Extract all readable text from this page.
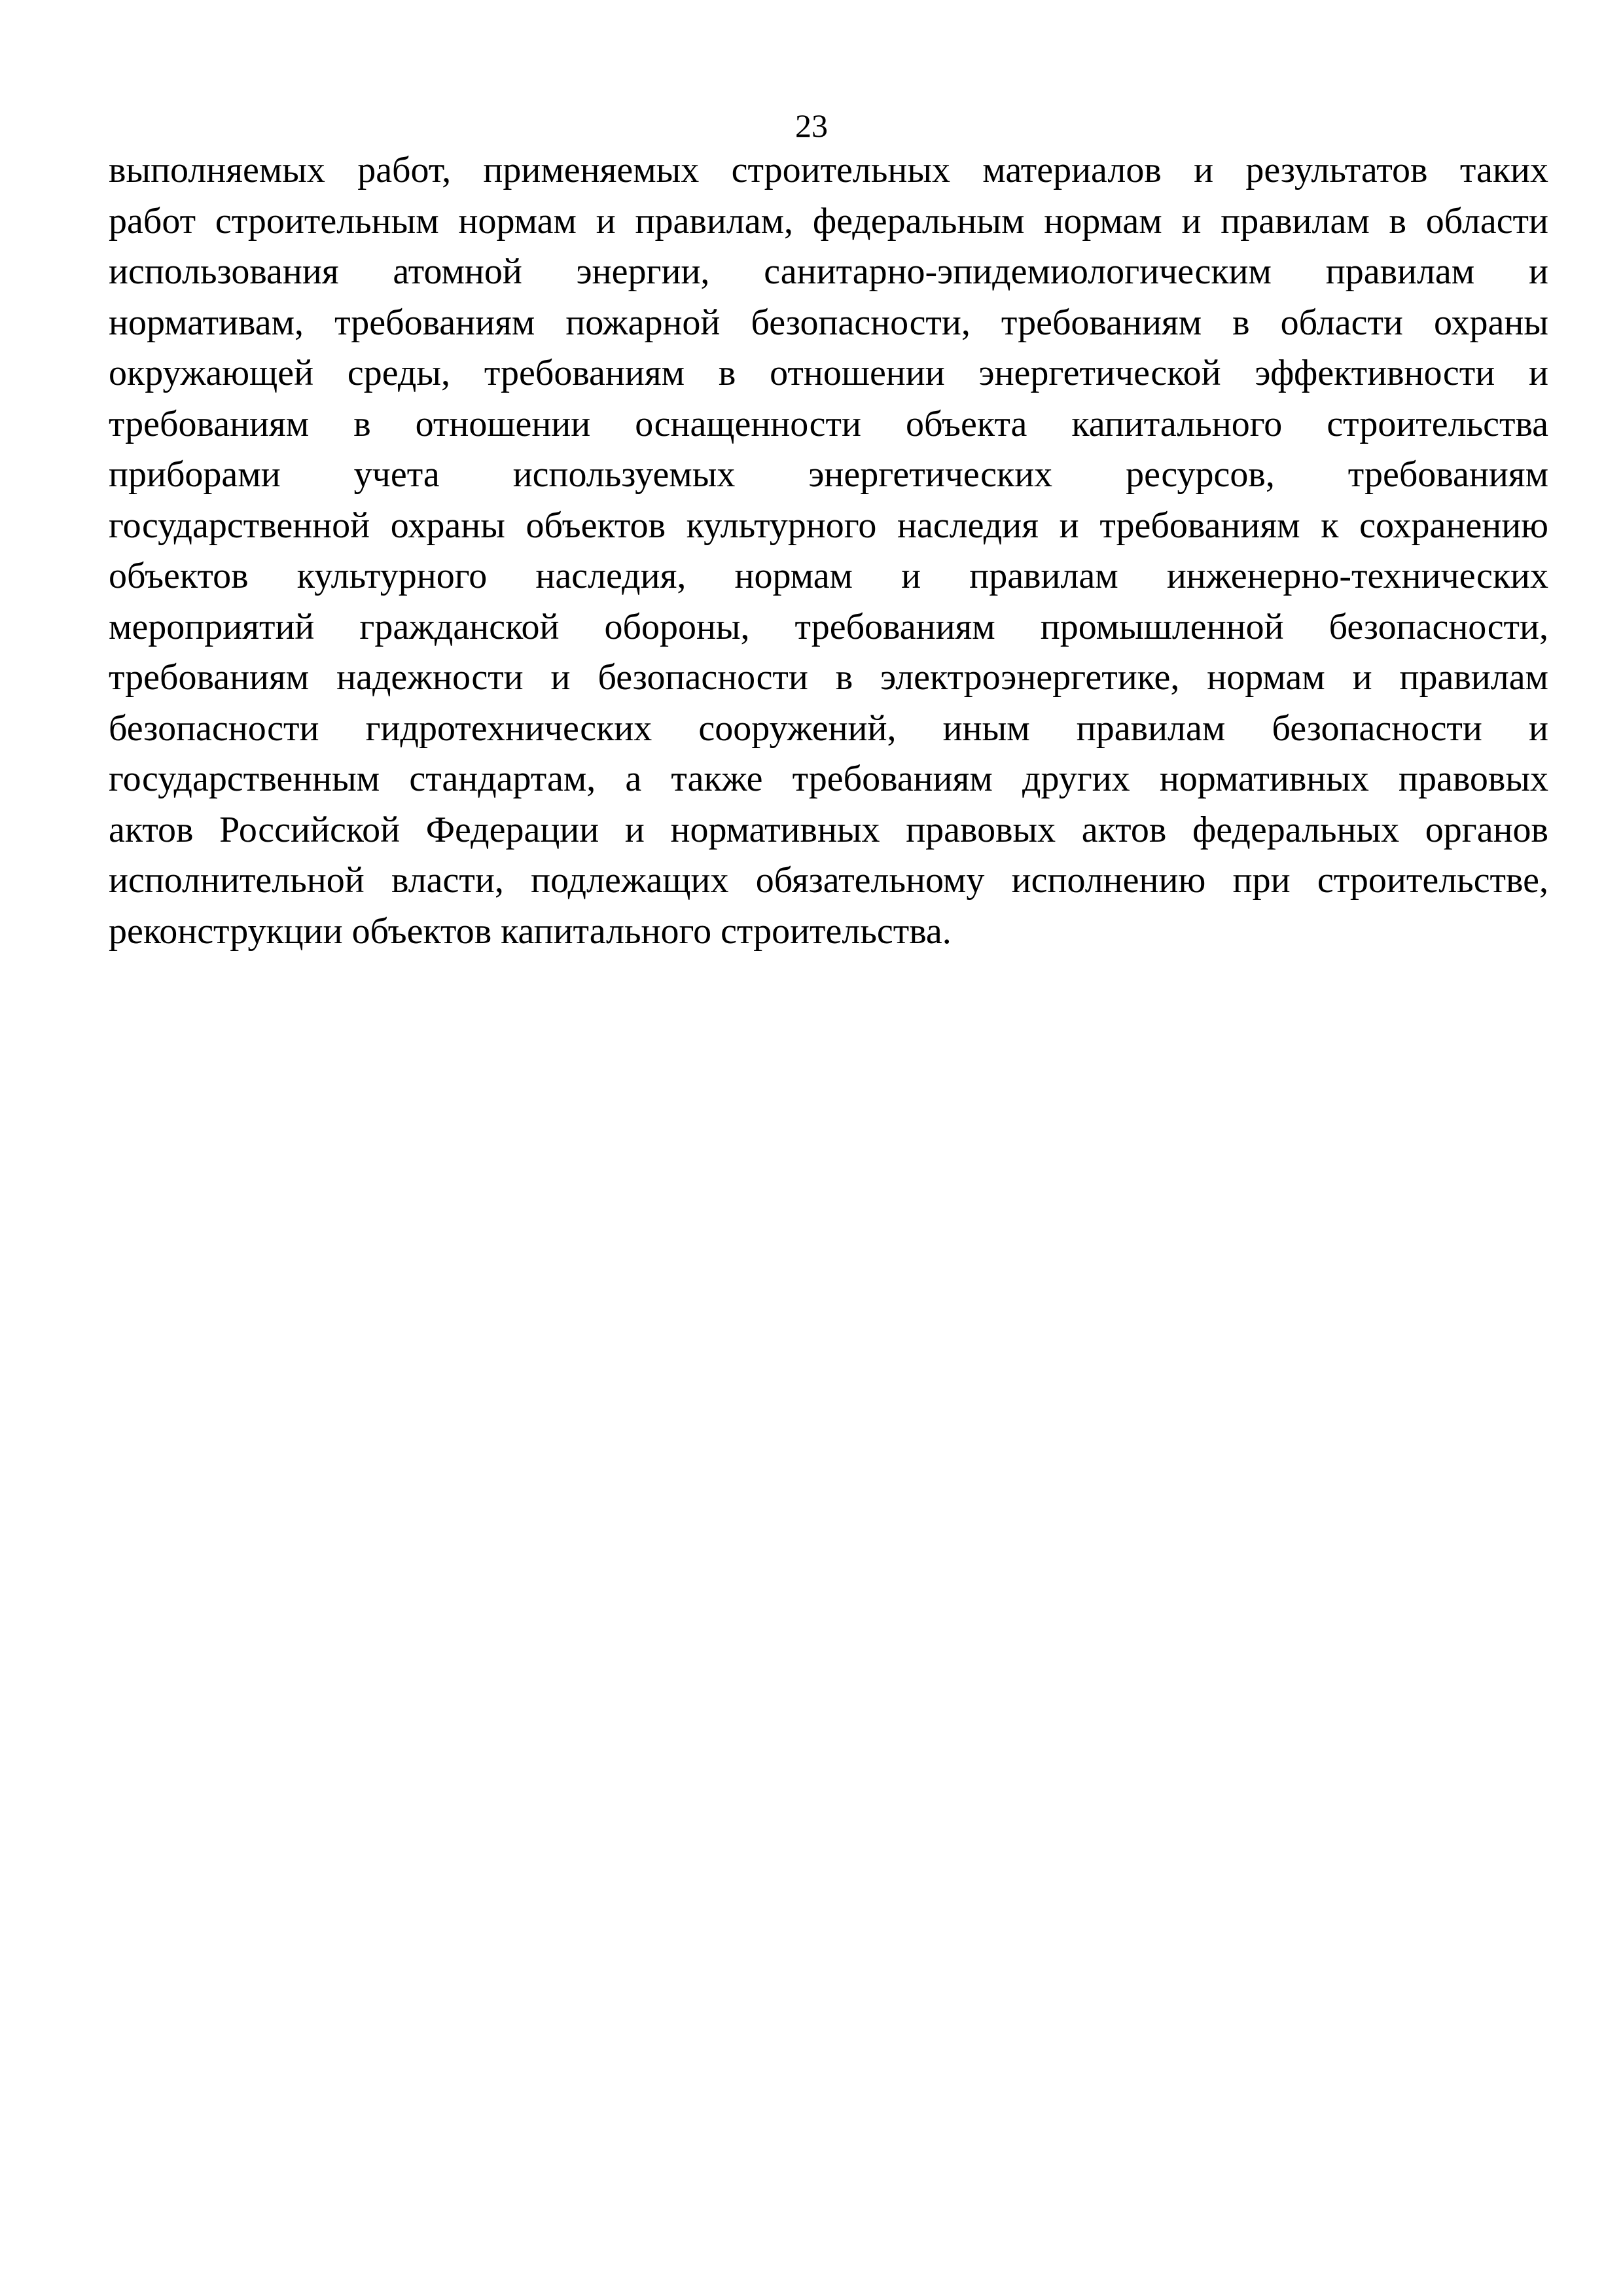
23
выполняемых работ, применяемых строительных материалов и результатов таких
работ строительным нормам и правилам, федеральным нормам и правилам в области
использования атомной энергии, санитарно-эпидемиологическим правилам и
нормативам, требованиям пожарной безопасности, требованиям в области охраны
окружающей среды, требованиям в отношении энергетической эффективности и
требованиям в отношении оснащенности объекта капитального строительства
приборами учета используемых энергетических ресурсов, требованиям
государственной охраны объектов культурного наследия и требованиям к сохранению
объектов культурного наследия, нормам и правилам инженерно-технических
мероприятий гражданской обороны, требованиям промышленной безопасности,
требованиям надежности и безопасности в электроэнергетике, нормам и правилам
безопасности гидротехнических сооружений, иным правилам безопасности и
государственным стандартам, а также требованиям других нормативных правовых
актов Российской Федерации и нормативных правовых актов федеральных органов
исполнительной власти, подлежащих обязательному исполнению при строительстве,
реконструкции объектов капитального строительства.
